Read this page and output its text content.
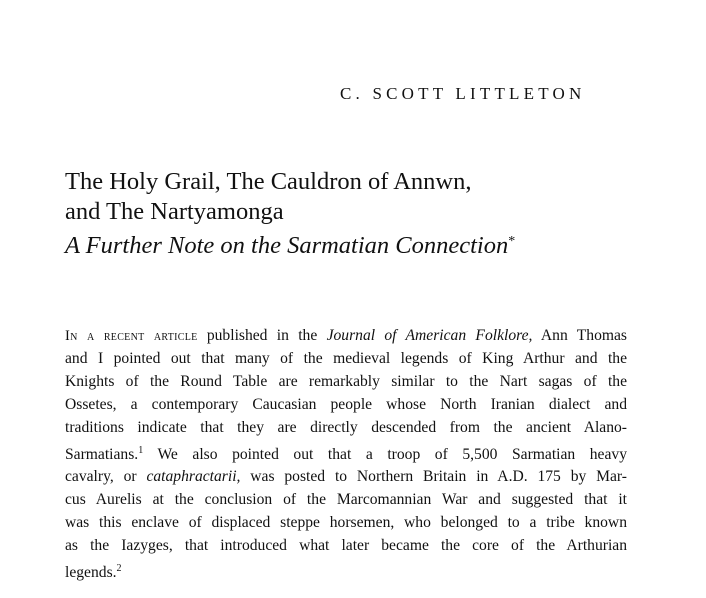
C. SCOTT LITTLETON
The Holy Grail, The Cauldron of Annwn,
and The Nartyamonga
A Further Note on the Sarmatian Connection*
In a recent article published in the Journal of American Folklore, Ann Thomas
and I pointed out that many of the medieval legends of King Arthur and the
Knights of the Round Table are remarkably similar to the Nart sagas of the
Ossetes, a contemporary Caucasian people whose North Iranian dialect and
traditions indicate that they are directly descended from the ancient Alano-
Sarmatians.$^1$ We also pointed out that a troop of 5,500 Sarmatian heavy
cavalry, or cataphractarii, was posted to Northern Britain in A.D. 175 by Mar-
cus Aurelis at the conclusion of the Marcomannian War and suggested that it
was this enclave of displaced steppe horsemen, who belonged to a tribe known
as the Iazyges, that introduced what later became the core of the Arthurian
legends.$^2$
